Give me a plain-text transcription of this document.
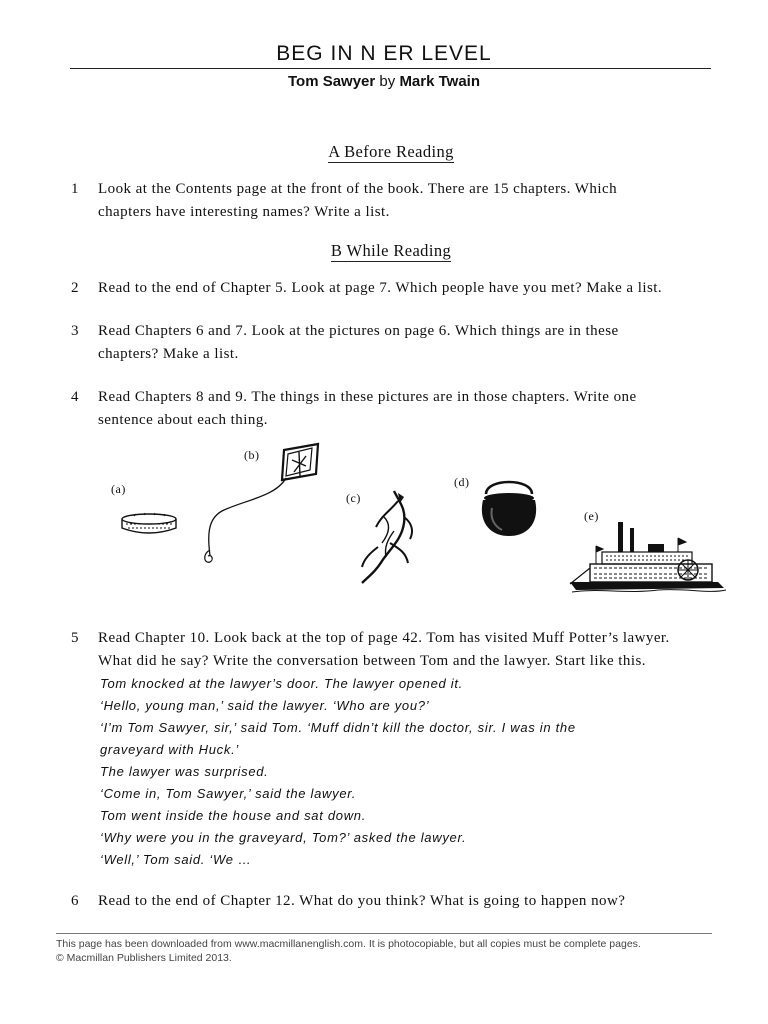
BEG IN N ER LEVEL
Tom Sawyer by Mark Twain
A Before Reading
1 Look at the Contents page at the front of the book. There are 15 chapters. Which
chapters have interesting names? Write a list.
B While Reading
2 Read to the end of Chapter 5. Look at page 7. Which people have you met? Make a list.
3 Read Chapters 6 and 7. Look at the pictures on page 6. Which things are in these
chapters? Make a list.
4 Read Chapters 8 and 9. The things in these pictures are in those chapters. Write one
sentence about each thing.
(a)
(b)
(c)
(d)
(e)
5 Read Chapter 10. Look back at the top of page 42. Tom has visited Muff Potter’s lawyer.
What did he say? Write the conversation between Tom and the lawyer. Start like this.
Tom knocked at the lawyer’s door. The lawyer opened it.
‘Hello, young man,’ said the lawyer. ‘Who are you?’
‘I’m Tom Sawyer, sir,’ said Tom. ‘Muff didn’t kill the doctor, sir. I was in the
graveyard with Huck.’
The lawyer was surprised.
‘Come in, Tom Sawyer,’ said the lawyer.
Tom went inside the house and sat down.
‘Why were you in the graveyard, Tom?’ asked the lawyer.
‘Well,’ Tom said. ‘We …
6 Read to the end of Chapter 12. What do you think? What is going to happen now?
This page has been downloaded from www.macmillanenglish.com. It is photocopiable, but all copies must be complete pages.
© Macmillan Publishers Limited 2013.
